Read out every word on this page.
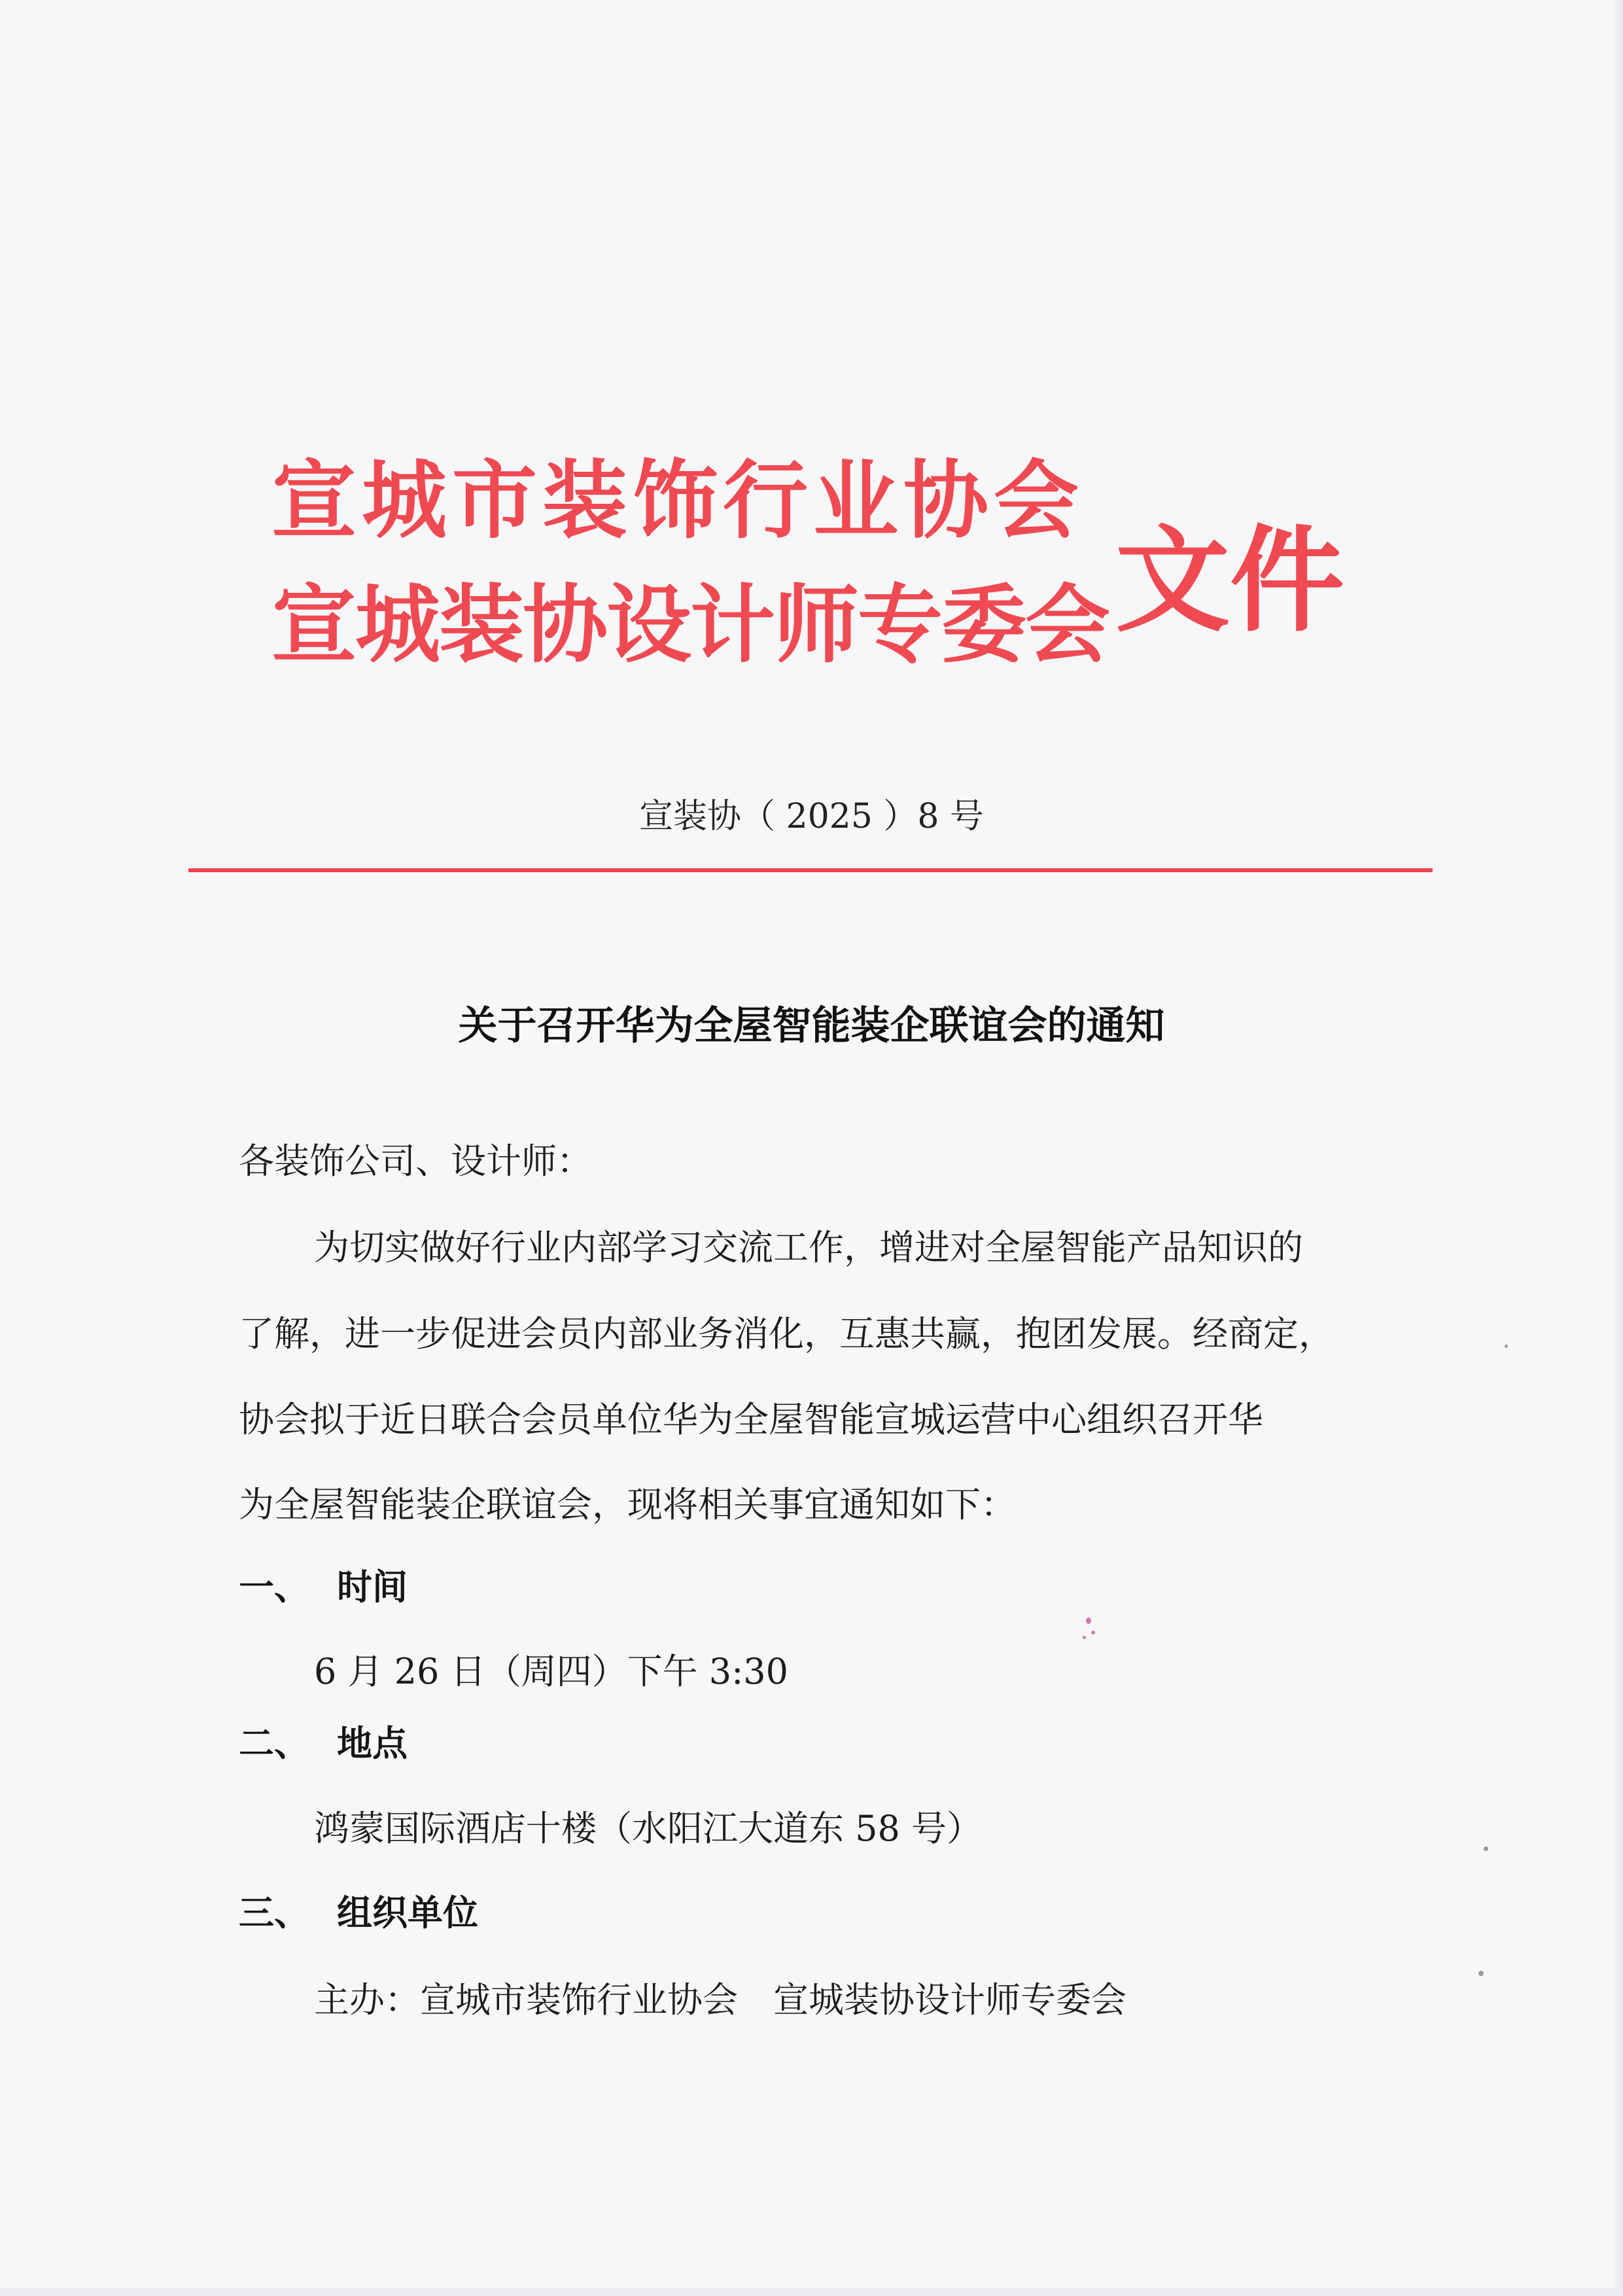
宣城市装饰行业协会
宣城装协设计师专委会 文件
宣装协（ 2025 ）8 号
关于召开华为全屋智能装企联谊会的通知
各装饰公司、设计师：
为切实做好行业内部学习交流工作，增进对全屋智能产品知识的
了解，进一步促进会员内部业务消化，互惠共赢，抱团发展。经商定，
协会拟于近日联合会员单位华为全屋智能宣城运营中心组织召开华
为全屋智能装企联谊会，现将相关事宜通知如下：
一、 时间
6 月 26 日（周四）下午 3:30
二、 地点
鸿蒙国际酒店十楼（水阳江大道东 58 号）
三、 组织单位
主办：宣城市装饰行业协会　宣城装协设计师专委会
